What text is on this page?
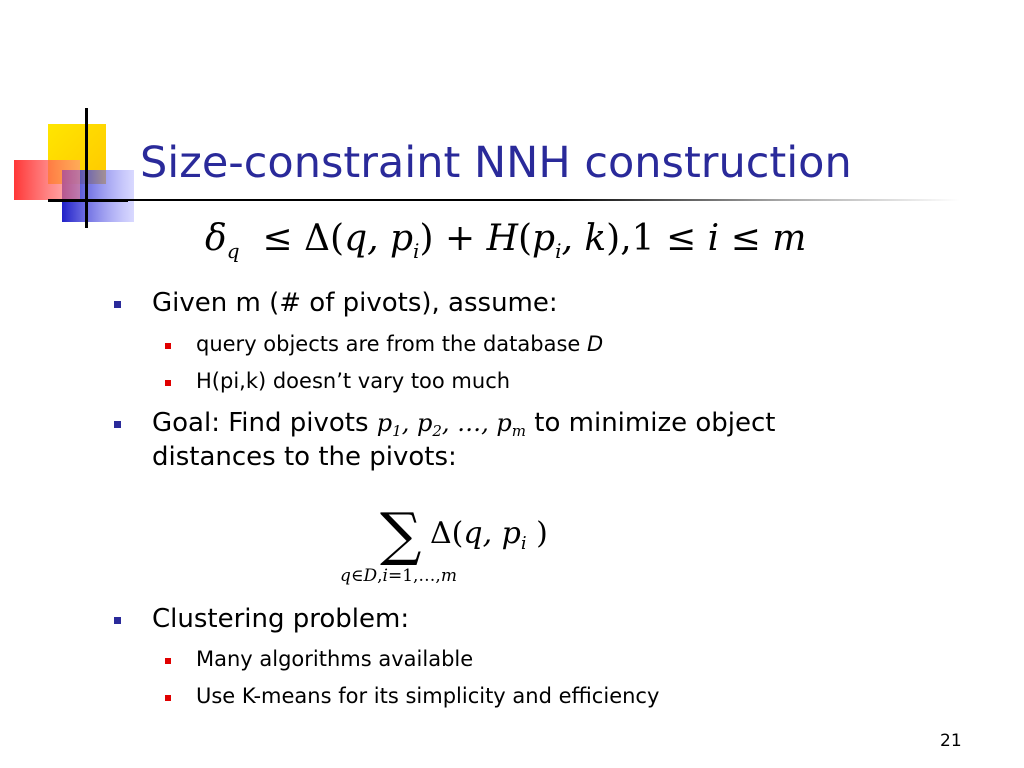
Size-constraint NNH construction
$\delta_q \le \Delta(q$, $p_i) + H(p_i$, k),1 ≤ i ≤ m
Given m (# of pivots), assume:
query objects are from the database D
H(pi,k) doesn’t vary too much
Goal: Find pivots $p_1$, $p_2$, …, $p_m$ to minimize object
distances to the pivots:
∑ Δ(q, $p_i$ )
q∈D,i=1,…,m
Clustering problem:
Many algorithms available
Use K-means for its simplicity and efficiency
21
